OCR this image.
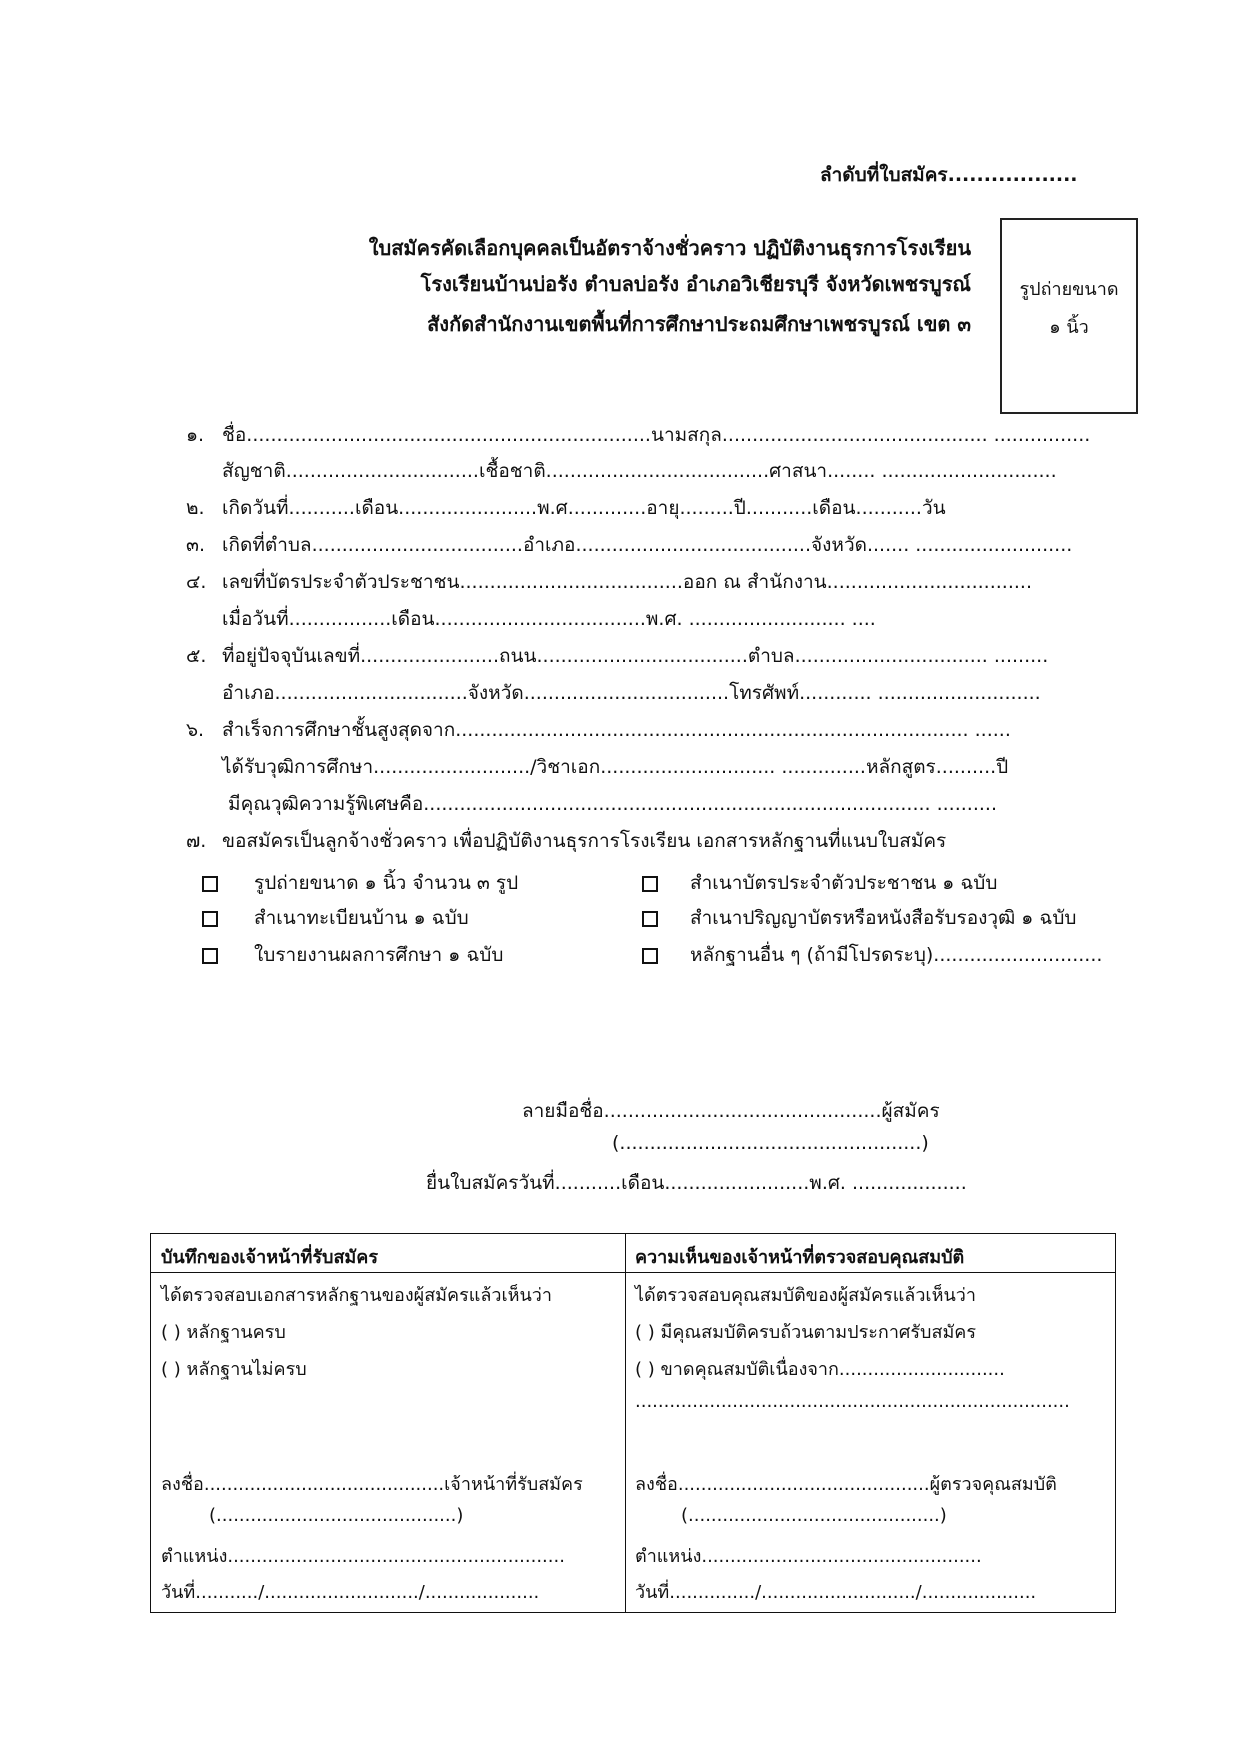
ลำดับที่ใบสมัคร..................
ใบสมัครคัดเลือกบุคคลเป็นอัตราจ้างชั่วคราว ปฏิบัติงานธุรการโรงเรียน
โรงเรียนบ้านบ่อรัง ตำบลบ่อรัง อำเภอวิเชียรบุรี จังหวัดเพชรบูรณ์
สังกัดสำนักงานเขตพื้นที่การศึกษาประถมศึกษาเพชรบูรณ์ เขต ๓
รูปถ่ายขนาด
๑ นิ้ว
๑. ชื่อ...................................................................นามสกุล............................................ ................
สัญชาติ................................เชื้อชาติ.....................................ศาสนา........ .............................
๒. เกิดวันที่...........เดือน.......................พ.ศ.............อายุ.........ปี...........เดือน...........วัน
๓. เกิดที่ตำบล...................................อำเภอ.......................................จังหวัด....... ..........................
๔. เลขที่บัตรประจำตัวประชาชน.....................................ออก ณ สำนักงาน..................................
เมื่อวันที่.................เดือน...................................พ.ศ. .......................... ....
๕. ที่อยู่ปัจจุบันเลขที่.......................ถนน...................................ตำบล................................ .........
อำเภอ................................จังหวัด..................................โทรศัพท์............ ...........................
๖. สำเร็จการศึกษาชั้นสูงสุดจาก..................................................................................... ......
ได้รับวุฒิการศึกษา........................../วิชาเอก............................. ..............หลักสูตร..........ปี
มีคุณวุฒิความรู้พิเศษคือ.................................................................................... ..........
๗. ขอสมัครเป็นลูกจ้างชั่วคราว เพื่อปฏิบัติงานธุรการโรงเรียน เอกสารหลักฐานที่แนบใบสมัคร
รูปถ่ายขนาด ๑ นิ้ว จำนวน ๓ รูป
สำเนาทะเบียนบ้าน ๑ ฉบับ
ใบรายงานผลการศึกษา ๑ ฉบับ
สำเนาบัตรประจำตัวประชาชน ๑ ฉบับ
สำเนาปริญญาบัตรหรือหนังสือรับรองวุฒิ ๑ ฉบับ
หลักฐานอื่น ๆ (ถ้ามีโปรดระบุ)............................
ลายมือชื่อ..............................................ผู้สมัคร
(..................................................)
ยื่นใบสมัครวันที่...........เดือน........................พ.ศ. ...................
บันทึกของเจ้าหน้าที่รับสมัคร	ความเห็นของเจ้าหน้าที่ตรวจสอบคุณสมบัติ
ได้ตรวจสอบเอกสารหลักฐานของผู้สมัครแล้วเห็นว่า
( ) หลักฐานครบ
( ) หลักฐานไม่ครบ
ลงชื่อ..........................................เจ้าหน้าที่รับสมัคร
(..........................................)
ตำแหน่ง...........................................................
วันที่.........../.........................../....................
ได้ตรวจสอบคุณสมบัติของผู้สมัครแล้วเห็นว่า
( ) มีคุณสมบัติครบถ้วนตามประกาศรับสมัคร
( ) ขาดคุณสมบัติเนื่องจาก.............................
............................................................................
ลงชื่อ............................................ผู้ตรวจคุณสมบัติ
(............................................)
ตำแหน่ง.................................................
วันที่.............../.........................../....................
